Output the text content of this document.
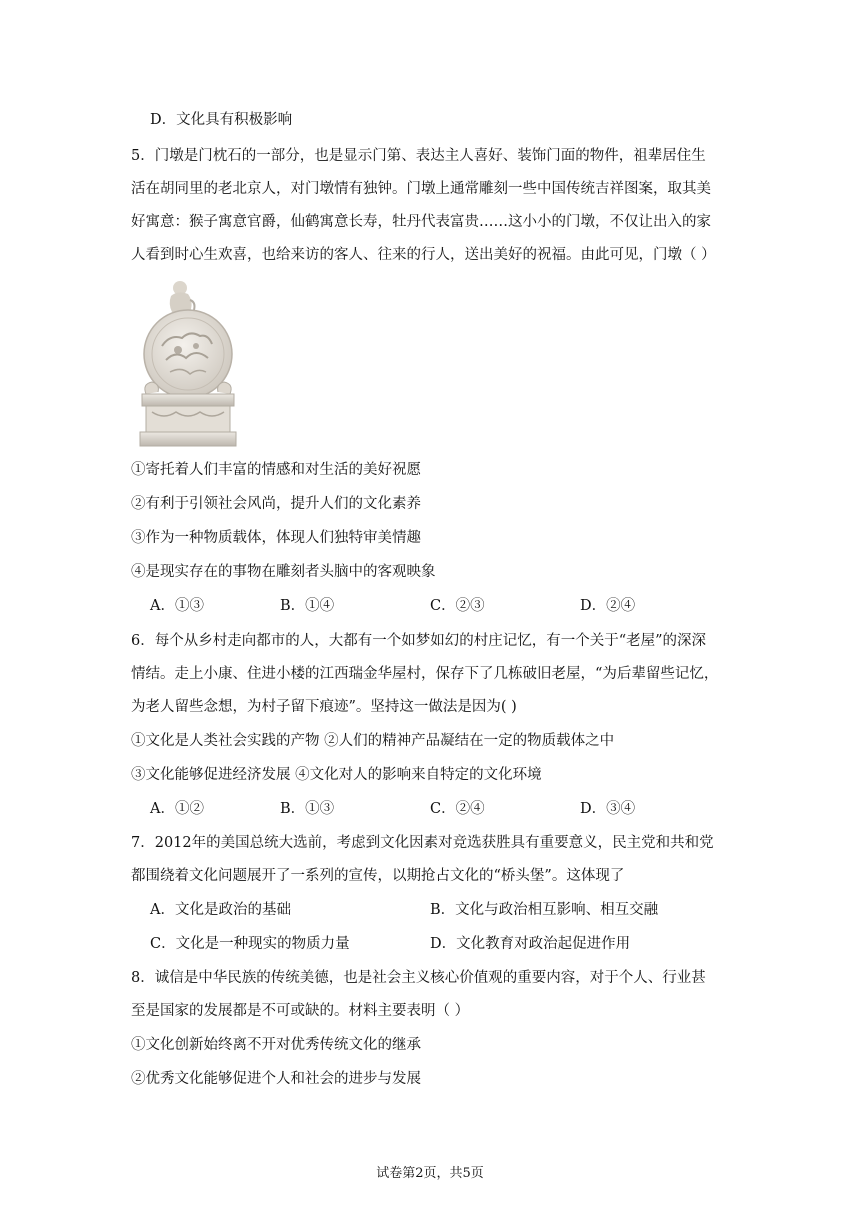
D．文化具有积极影响
5．门墩是门枕石的一部分，也是显示门第、表达主人喜好、装饰门面的物件，祖辈居住生
活在胡同里的老北京人，对门墩情有独钟。门墩上通常雕刻一些中国传统吉祥图案，取其美
好寓意：猴子寓意官爵，仙鹤寓意长寿，牡丹代表富贵……这小小的门墩，不仅让出入的家
人看到时心生欢喜，也给来访的客人、往来的行人，送出美好的祝福。由此可见，门墩（ ）
①寄托着人们丰富的情感和对生活的美好祝愿
②有利于引领社会风尚，提升人们的文化素养
③作为一种物质载体，体现人们独特审美情趣
④是现实存在的事物在雕刻者头脑中的客观映象
A．①③	B．①④	C．②③	D．②④
6．每个从乡村走向都市的人，大都有一个如梦如幻的村庄记忆，有一个关于“老屋”的深深
情结。走上小康、住进小楼的江西瑞金华屋村，保存下了几栋破旧老屋，“为后辈留些记忆，
为老人留些念想，为村子留下痕迹”。坚持这一做法是因为( )
①文化是人类社会实践的产物 ②人们的精神产品凝结在一定的物质载体之中
③文化能够促进经济发展 ④文化对人的影响来自特定的文化环境
A．①②	B．①③	C．②④	D．③④
7．2012年的美国总统大选前，考虑到文化因素对竞选获胜具有重要意义，民主党和共和党
都围绕着文化问题展开了一系列的宣传，以期抢占文化的“桥头堡”。这体现了
A．文化是政治的基础	B．文化与政治相互影响、相互交融
C．文化是一种现实的物质力量	D．文化教育对政治起促进作用
8．诚信是中华民族的传统美德，也是社会主义核心价值观的重要内容，对于个人、行业甚
至是国家的发展都是不可或缺的。材料主要表明（ ）
①文化创新始终离不开对优秀传统文化的继承
②优秀文化能够促进个人和社会的进步与发展
试卷第2页，共5页
